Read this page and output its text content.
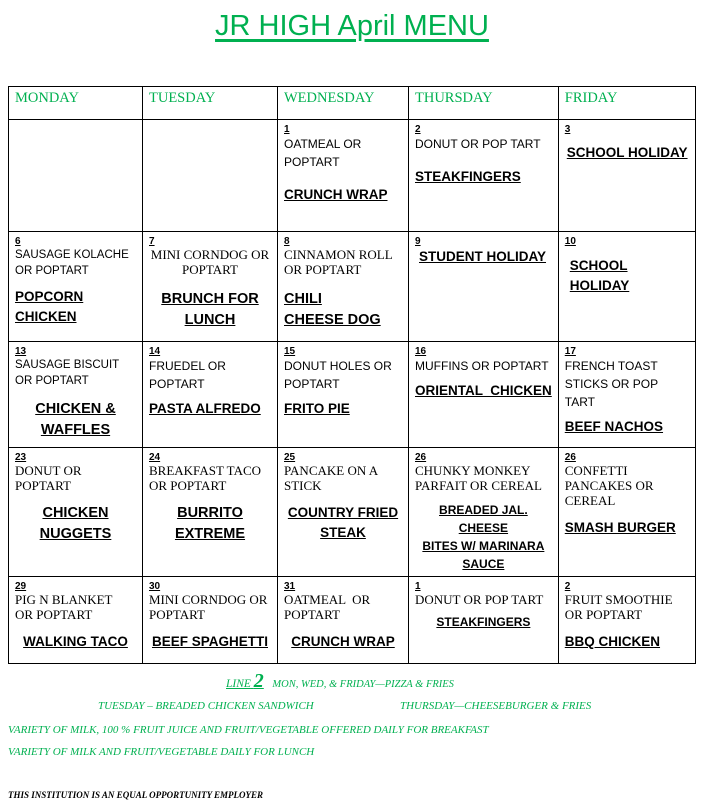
JR HIGH April MENU
MONDAY	TUESDAY	WEDNESDAY	THURSDAY	FRIDAY

		1
OATMEAL OR POPTART
CRUNCH WRAP	2
DONUT OR POP TART
STEAKFINGERS	3
SCHOOL HOLIDAY

6
SAUSAGE KOLACHE OR POPTART
POPCORN
CHICKEN	7
MINI CORNDOG OR POPTART
BRUNCH FOR
LUNCH	8
CINNAMON ROLL OR POPTART
CHILI
CHEESE DOG	9
STUDENT HOLIDAY	10
SCHOOL HOLIDAY

13
SAUSAGE BISCUIT OR POPTART
CHICKEN &
WAFFLES	14
FRUEDEL OR POPTART
PASTA ALFREDO	15
DONUT HOLES OR POPTART
FRITO PIE	16
MUFFINS OR POPTART
ORIENTAL  CHICKEN	17
FRENCH TOAST STICKS OR POP TART
BEEF NACHOS

23
DONUT OR POPTART
CHICKEN
NUGGETS	24
BREAKFAST TACO OR POPTART
BURRITO
EXTREME	25
PANCAKE ON A STICK
COUNTRY FRIED
STEAK	26
CHUNKY MONKEY PARFAIT OR CEREAL
BREADED JAL. CHEESE
BITES W/ MARINARA
SAUCE	26
CONFETTI PANCAKES OR CEREAL
SMASH BURGER

29
PIG N BLANKET  OR POPTART
WALKING TACO	30
MINI CORNDOG OR POPTART
BEEF SPAGHETTI	31
OATMEAL  OR POPTART
CRUNCH WRAP	1
DONUT OR POP TART
STEAKFINGERS	2
FRUIT SMOOTHIE OR POPTART
BBQ CHICKEN
LINE 2 MON, WED, & FRIDAY—PIZZA & FRIES
TUESDAY – BREADED CHICKEN SANDWICH	THURSDAY—CHEESEBURGER & FRIES
VARIETY OF MILK, 100 % FRUIT JUICE AND FRUIT/VEGETABLE OFFERED DAILY FOR BREAKFAST
VARIETY OF MILK AND FRUIT/VEGETABLE DAILY FOR LUNCH
THIS INSTITUTION IS AN EQUAL OPPORTUNITY EMPLOYER
